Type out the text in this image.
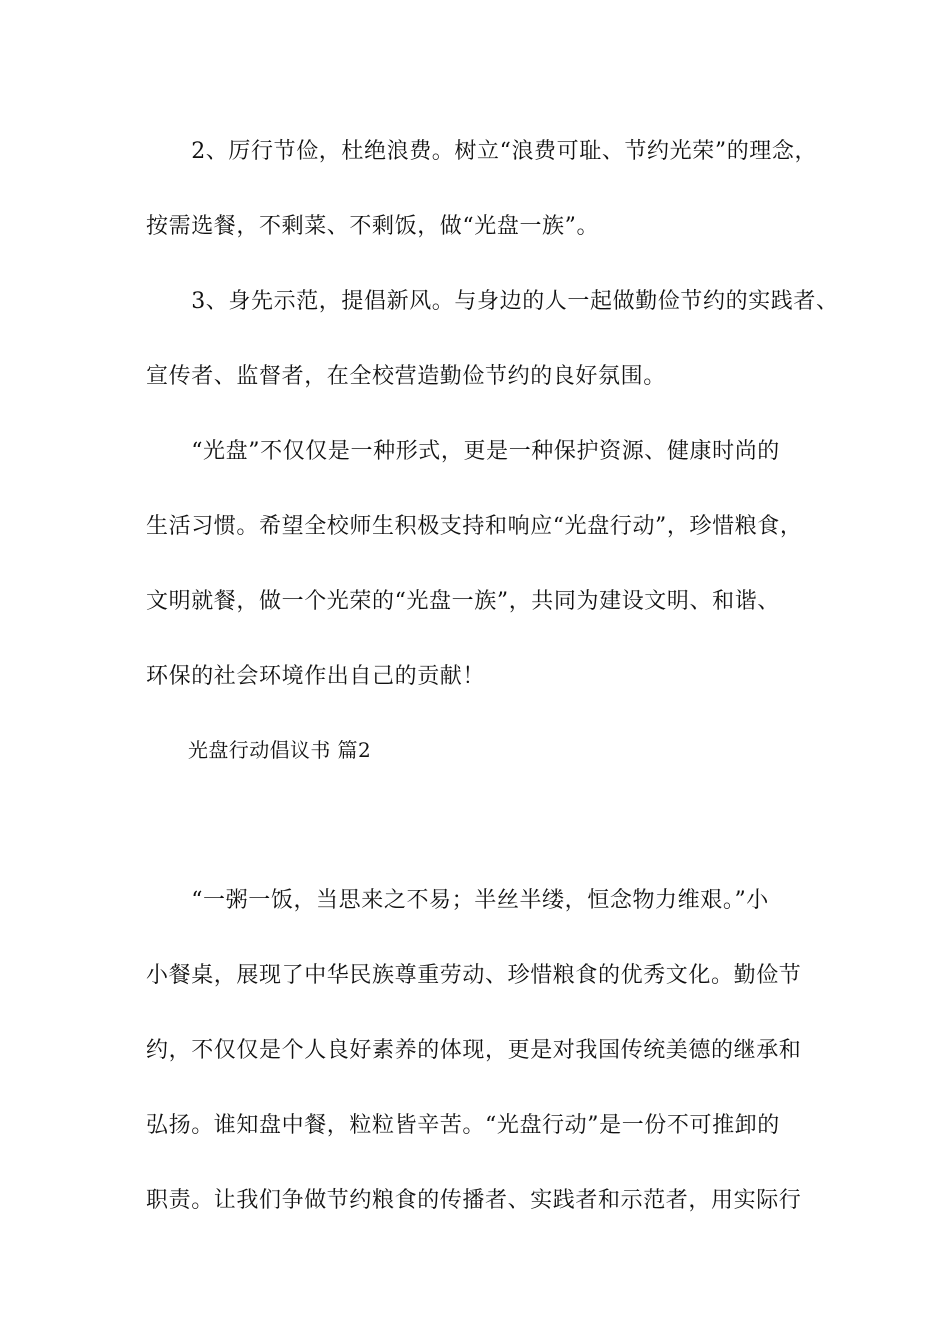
　　2、厉行节俭，杜绝浪费。树立“浪费可耻、节约光荣”的理念，
按需选餐，不剩菜、不剩饭，做“光盘一族”。
　　3、身先示范，提倡新风。与身边的人一起做勤俭节约的实践者、
宣传者、监督者，在全校营造勤俭节约的良好氛围。
　　“光盘”不仅仅是一种形式，更是一种保护资源、健康时尚的
生活习惯。希望全校师生积极支持和响应“光盘行动”，珍惜粮食，
文明就餐，做一个光荣的“光盘一族”，共同为建设文明、和谐、
环保的社会环境作出自己的贡献！
光盘行动倡议书 篇2
　　“一粥一饭，当思来之不易；半丝半缕，恒念物力维艰。”小
小餐桌，展现了中华民族尊重劳动、珍惜粮食的优秀文化。勤俭节
约，不仅仅是个人良好素养的体现，更是对我国传统美德的继承和
弘扬。谁知盘中餐，粒粒皆辛苦。“光盘行动”是一份不可推卸的
职责。让我们争做节约粮食的传播者、实践者和示范者，用实际行
